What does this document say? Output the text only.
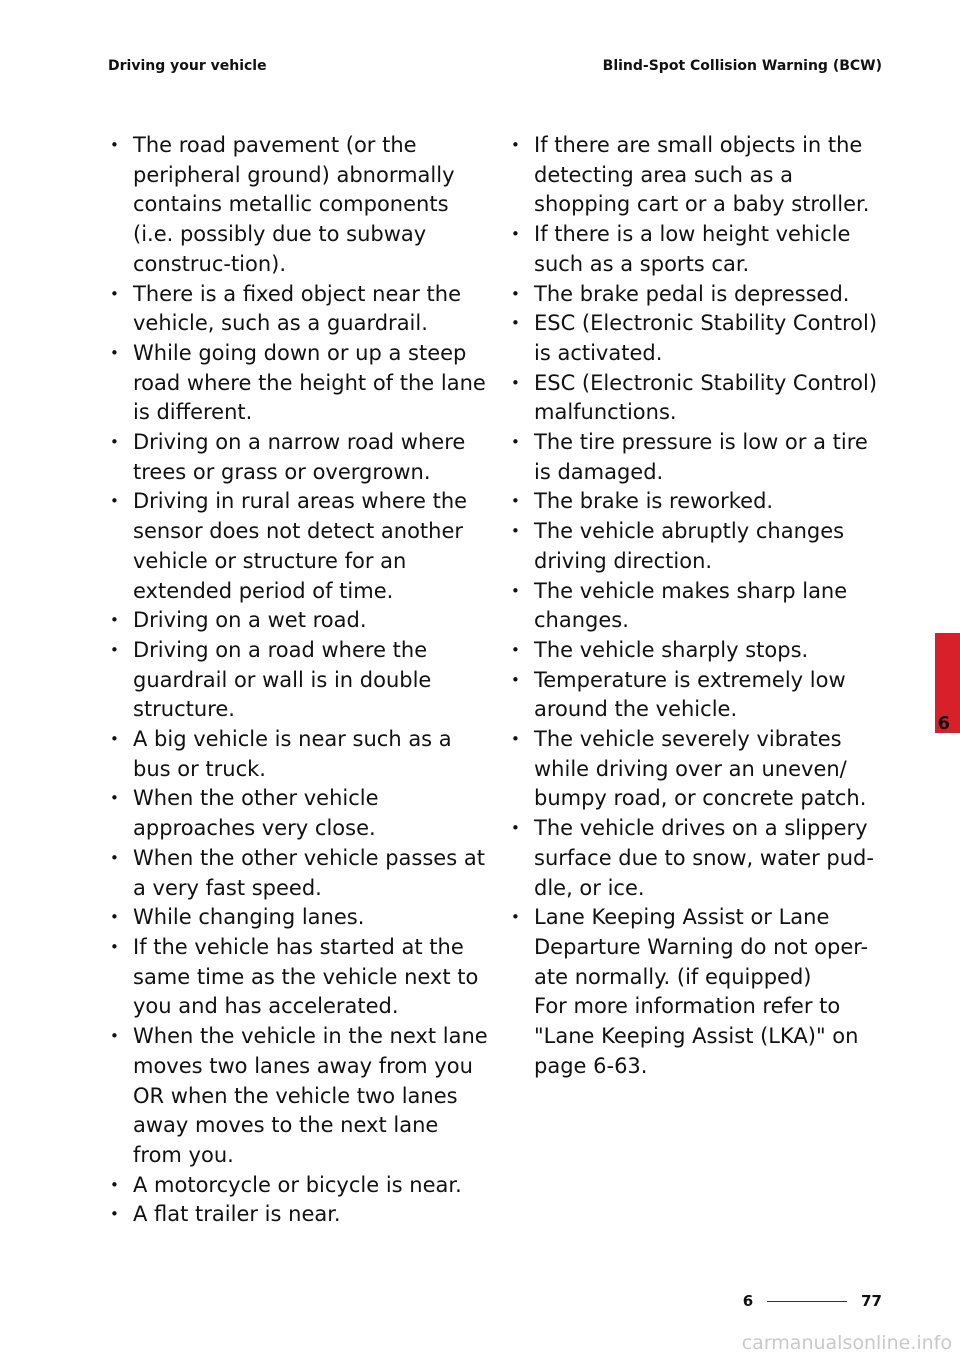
Driving your vehicle	Blind-Spot Collision Warning (BCW)
• The road pavement (or the peripheral ground) abnormally contains metallic components (i.e. possibly due to subway construc-tion).
• There is a fixed object near the vehicle, such as a guardrail.
• While going down or up a steep road where the height of the lane is different.
• Driving on a narrow road where trees or grass or overgrown.
• Driving in rural areas where the sensor does not detect another vehicle or structure for an extended period of time.
• Driving on a wet road.
• Driving on a road where the guardrail or wall is in double structure.
• A big vehicle is near such as a bus or truck.
• When the other vehicle approaches very close.
• When the other vehicle passes at a very fast speed.
• While changing lanes.
• If the vehicle has started at the same time as the vehicle next to you and has accelerated.
• When the vehicle in the next lane moves two lanes away from you OR when the vehicle two lanes away moves to the next lane from you.
• A motorcycle or bicycle is near.
• A flat trailer is near.
• If there are small objects in the detecting area such as a shopping cart or a baby stroller.
• If there is a low height vehicle such as a sports car.
• The brake pedal is depressed.
• ESC (Electronic Stability Control) is activated.
• ESC (Electronic Stability Control) malfunctions.
• The tire pressure is low or a tire is damaged.
• The brake is reworked.
• The vehicle abruptly changes driving direction.
• The vehicle makes sharp lane changes.
• The vehicle sharply stops.
• Temperature is extremely low around the vehicle.
• The vehicle severely vibrates while driving over an uneven/ bumpy road, or concrete patch.
• The vehicle drives on a slippery surface due to snow, water pud-dle, or ice.
• Lane Keeping Assist or Lane Departure Warning do not oper-ate normally. (if equipped)
For more information refer to "Lane Keeping Assist (LKA)" on page 6-63.
6
6	77
carmanualsonline.info
